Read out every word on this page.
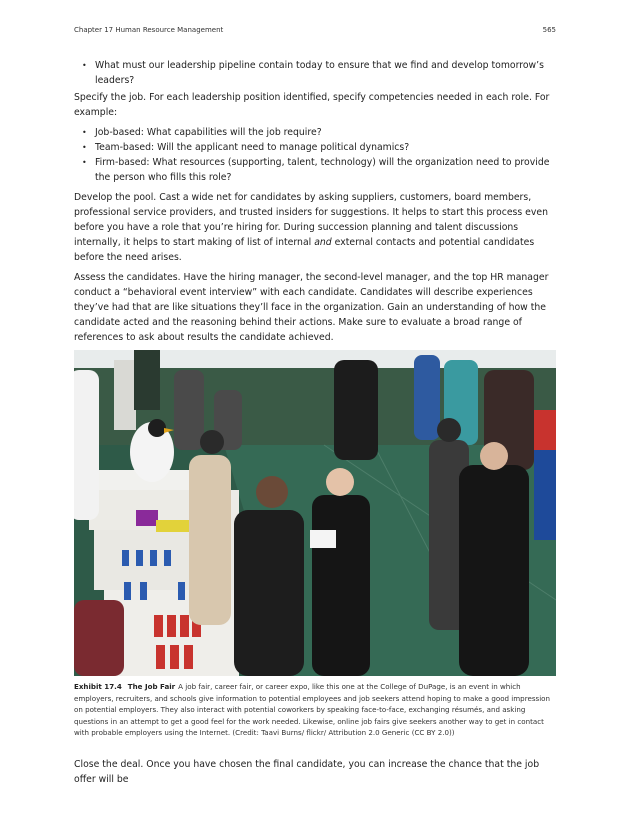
Chapter 17 Human Resource Management	565
• What must our leadership pipeline contain today to ensure that we find and develop tomorrow’s leaders?

Specify the job. For each leadership position identified, specify competencies needed in each role. For example:

• Job-based: What capabilities will the job require?
• Team-based: Will the applicant need to manage political dynamics?
• Firm-based: What resources (supporting, talent, technology) will the organization need to provide the person who fills this role?

Develop the pool. Cast a wide net for candidates by asking suppliers, customers, board members, professional service providers, and trusted insiders for suggestions. It helps to start this process even before you have a role that you’re hiring for. During succession planning and talent discussions internally, it helps to start making of list of internal and external contacts and potential candidates before the need arises.

Assess the candidates. Have the hiring manager, the second-level manager, and the top HR manager conduct a “behavioral event interview” with each candidate. Candidates will describe experiences they’ve had that are like situations they’ll face in the organization. Gain an understanding of how the candidate acted and the reasoning behind their actions. Make sure to evaluate a broad range of references to ask about results the candidate achieved.

Exhibit 17.4 The Job Fair A job fair, career fair, or career expo, like this one at the College of DuPage, is an event in which employers, recruiters, and schools give information to potential employees and job seekers attend hoping to make a good impression on potential employers. They also interact with potential coworkers by speaking face-to-face, exchanging résumés, and asking questions in an attempt to get a good feel for the work needed. Likewise, online job fairs give seekers another way to get in contact with probable employers using the Internet. (Credit: Taavi Burns/ flickr/ Attribution 2.0 Generic (CC BY 2.0))

Close the deal. Once you have chosen the final candidate, you can increase the chance that the job offer will be
